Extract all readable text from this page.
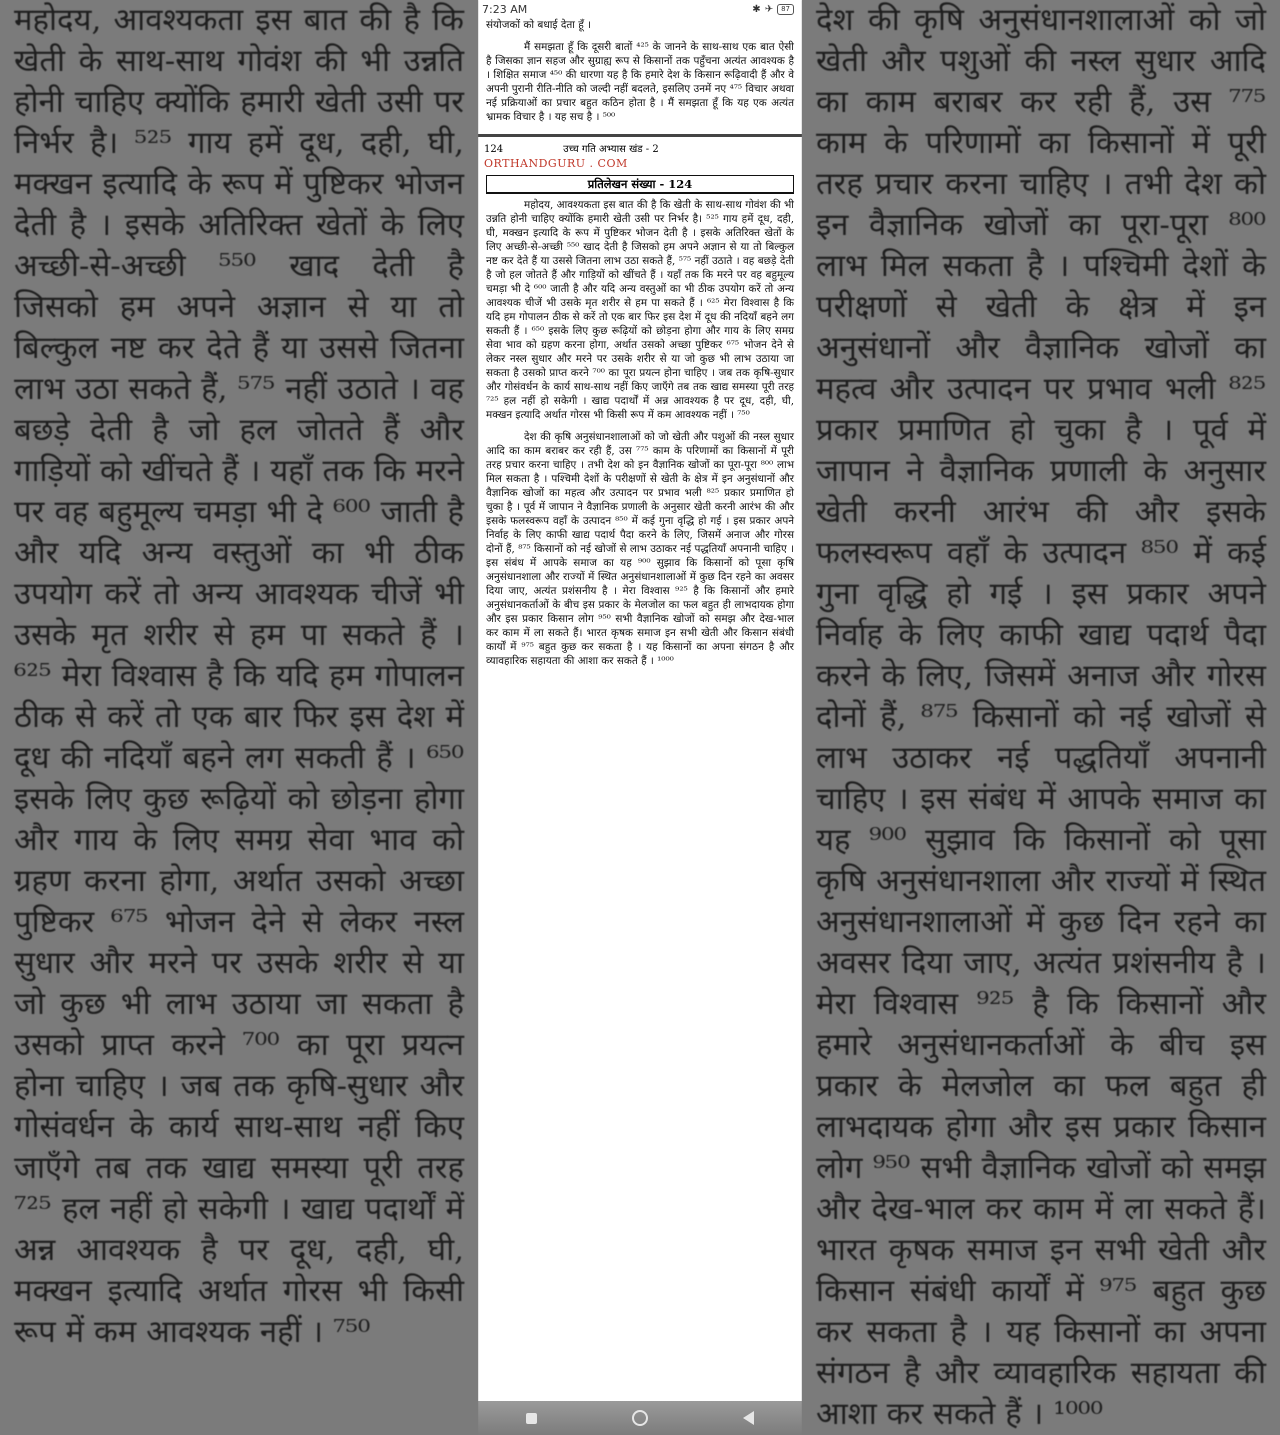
महोदय, आवश्यकता इस बात की है कि खेती के साथ-साथ गोवंश की भी उन्नति होनी चाहिए क्योंकि हमारी खेती उसी पर निर्भर है। ⁵²⁵ गाय हमें दूध, दही, घी, मक्खन इत्यादि के रूप में पुष्टिकर भोजन देती है । इसके अतिरिक्त खेतों के लिए अच्छी-से-अच्छी ⁵⁵⁰ खाद देती है जिसको हम अपने अज्ञान से या तो बिल्कुल नष्ट कर देते हैं या उससे जितना लाभ उठा सकते हैं, ⁵⁷⁵ नहीं उठाते । वह बछड़े देती है जो हल जोतते हैं और गाड़ियों को खींचते हैं । यहाँ तक कि मरने पर वह बहुमूल्य चमड़ा भी दे ⁶⁰⁰ जाती है और यदि अन्य वस्तुओं का भी ठीक उपयोग करें तो अन्य आवश्यक चीजें भी उसके मृत शरीर से हम पा सकते हैं । ⁶²⁵ मेरा विश्वास है कि यदि हम गोपालन ठीक से करें तो एक बार फिर इस देश में दूध की नदियाँ बहने लग सकती हैं । ⁶⁵⁰ इसके लिए कुछ रूढ़ियों को छोड़ना होगा और गाय के लिए समग्र सेवा भाव को ग्रहण करना होगा, अर्थात उसको अच्छा पुष्टिकर ⁶⁷⁵ भोजन देने से लेकर नस्ल सुधार और मरने पर उसके शरीर से या जो कुछ भी लाभ उठाया जा सकता है उसको प्राप्त करने ⁷⁰⁰ का पूरा प्रयत्न होना चाहिए । जब तक कृषि-सुधार और गोसंवर्धन के कार्य साथ-साथ नहीं किए जाएँगे तब तक खाद्य समस्या पूरी तरह ⁷²⁵ हल नहीं हो सकेगी । खाद्य पदार्थों में अन्न आवश्यक है पर दूध, दही, घी, मक्खन इत्यादि अर्थात गोरस भी किसी रूप में कम आवश्यक नहीं । ⁷⁵⁰

7:23 AM	✱ ✈	87

संयोजकों को बधाई देता हूँ ।

मैं समझता हूँ कि दूसरी बातों ⁴²⁵ के जानने के साथ-साथ एक बात ऐसी है जिसका ज्ञान सहज और सुग्राह्य रूप से किसानों तक पहुँचना अत्यंत आवश्यक है । शिक्षित समाज ⁴⁵⁰ की धारणा यह है कि हमारे देश के किसान रूढ़िवादी हैं और वे अपनी पुरानी रीति-नीति को जल्दी नहीं बदलते, इसलिए उनमें नए ⁴⁷⁵ विचार अथवा नई प्रक्रियाओं का प्रचार बहुत कठिन होता है । मैं समझता हूँ कि यह एक अत्यंत भ्रामक विचार है । यह सच है । ⁵⁰⁰

124	उच्च गति अभ्यास खंड - 2
ORTHANDGURU . COM
प्रतिलेखन संख्या - 124

महोदय, आवश्यकता इस बात की है कि खेती के साथ-साथ गोवंश की भी उन्नति होनी चाहिए क्योंकि हमारी खेती उसी पर निर्भर है। ⁵²⁵ गाय हमें दूध, दही, घी, मक्खन इत्यादि के रूप में पुष्टिकर भोजन देती है । इसके अतिरिक्त खेतों के लिए अच्छी-से-अच्छी ⁵⁵⁰ खाद देती है जिसको हम अपने अज्ञान से या तो बिल्कुल नष्ट कर देते हैं या उससे जितना लाभ उठा सकते हैं, ⁵⁷⁵ नहीं उठाते । वह बछड़े देती है जो हल जोतते हैं और गाड़ियों को खींचते हैं । यहाँ तक कि मरने पर वह बहुमूल्य चमड़ा भी दे ⁶⁰⁰ जाती है और यदि अन्य वस्तुओं का भी ठीक उपयोग करें तो अन्य आवश्यक चीजें भी उसके मृत शरीर से हम पा सकते हैं । ⁶²⁵ मेरा विश्वास है कि यदि हम गोपालन ठीक से करें तो एक बार फिर इस देश में दूध की नदियाँ बहने लग सकती हैं । ⁶⁵⁰ इसके लिए कुछ रूढ़ियों को छोड़ना होगा और गाय के लिए समग्र सेवा भाव को ग्रहण करना होगा, अर्थात उसको अच्छा पुष्टिकर ⁶⁷⁵ भोजन देने से लेकर नस्ल सुधार और मरने पर उसके शरीर से या जो कुछ भी लाभ उठाया जा सकता है उसको प्राप्त करने ⁷⁰⁰ का पूरा प्रयत्न होना चाहिए । जब तक कृषि-सुधार और गोसंवर्धन के कार्य साथ-साथ नहीं किए जाएँगे तब तक खाद्य समस्या पूरी तरह ⁷²⁵ हल नहीं हो सकेगी । खाद्य पदार्थों में अन्न आवश्यक है पर दूध, दही, घी, मक्खन इत्यादि अर्थात गोरस भी किसी रूप में कम आवश्यक नहीं । ⁷⁵⁰

देश की कृषि अनुसंधानशालाओं को जो खेती और पशुओं की नस्ल सुधार आदि का काम बराबर कर रही हैं, उस ⁷⁷⁵ काम के परिणामों का किसानों में पूरी तरह प्रचार करना चाहिए । तभी देश को इन वैज्ञानिक खोजों का पूरा-पूरा ⁸⁰⁰ लाभ मिल सकता है । पश्चिमी देशों के परीक्षणों से खेती के क्षेत्र में इन अनुसंधानों और वैज्ञानिक खोजों का महत्व और उत्पादन पर प्रभाव भली ⁸²⁵ प्रकार प्रमाणित हो चुका है । पूर्व में जापान ने वैज्ञानिक प्रणाली के अनुसार खेती करनी आरंभ की और इसके फलस्वरूप वहाँ के उत्पादन ⁸⁵⁰ में कई गुना वृद्धि हो गई । इस प्रकार अपने निर्वाह के लिए काफी खाद्य पदार्थ पैदा करने के लिए, जिसमें अनाज और गोरस दोनों हैं, ⁸⁷⁵ किसानों को नई खोजों से लाभ उठाकर नई पद्धतियाँ अपनानी चाहिए । इस संबंध में आपके समाज का यह ⁹⁰⁰ सुझाव कि किसानों को पूसा कृषि अनुसंधानशाला और राज्यों में स्थित अनुसंधानशालाओं में कुछ दिन रहने का अवसर दिया जाए, अत्यंत प्रशंसनीय है । मेरा विश्वास ⁹²⁵ है कि किसानों और हमारे अनुसंधानकर्ताओं के बीच इस प्रकार के मेलजोल का फल बहुत ही लाभदायक होगा और इस प्रकार किसान लोग ⁹⁵⁰ सभी वैज्ञानिक खोजों को समझ और देख-भाल कर काम में ला सकते हैं। भारत कृषक समाज इन सभी खेती और किसान संबंधी कार्यों में ⁹⁷⁵ बहुत कुछ कर सकता है । यह किसानों का अपना संगठन है और व्यावहारिक सहायता की आशा कर सकते हैं । ¹⁰⁰⁰

देश की कृषि अनुसंधानशालाओं को जो खेती और पशुओं की नस्ल सुधार आदि का काम बराबर कर रही हैं, उस ⁷⁷⁵ काम के परिणामों का किसानों में पूरी तरह प्रचार करना चाहिए । तभी देश को इन वैज्ञानिक खोजों का पूरा-पूरा ⁸⁰⁰ लाभ मिल सकता है । पश्चिमी देशों के परीक्षणों से खेती के क्षेत्र में इन अनुसंधानों और वैज्ञानिक खोजों का महत्व और उत्पादन पर प्रभाव भली ⁸²⁵ प्रकार प्रमाणित हो चुका है । पूर्व में जापान ने वैज्ञानिक प्रणाली के अनुसार खेती करनी आरंभ की और इसके फलस्वरूप वहाँ के उत्पादन ⁸⁵⁰ में कई गुना वृद्धि हो गई । इस प्रकार अपने निर्वाह के लिए काफी खाद्य पदार्थ पैदा करने के लिए, जिसमें अनाज और गोरस दोनों हैं, ⁸⁷⁵ किसानों को नई खोजों से लाभ उठाकर नई पद्धतियाँ अपनानी चाहिए । इस संबंध में आपके समाज का यह ⁹⁰⁰ सुझाव कि किसानों को पूसा कृषि अनुसंधानशाला और राज्यों में स्थित अनुसंधानशालाओं में कुछ दिन रहने का अवसर दिया जाए, अत्यंत प्रशंसनीय है । मेरा विश्वास ⁹²⁵ है कि किसानों और हमारे अनुसंधानकर्ताओं के बीच इस प्रकार के मेलजोल का फल बहुत ही लाभदायक होगा और इस प्रकार किसान लोग ⁹⁵⁰ सभी वैज्ञानिक खोजों को समझ और देख-भाल कर काम में ला सकते हैं। भारत कृषक समाज इन सभी खेती और किसान संबंधी कार्यों में ⁹⁷⁵ बहुत कुछ कर सकता है । यह किसानों का अपना संगठन है और व्यावहारिक सहायता की आशा कर सकते हैं । ¹⁰⁰⁰
